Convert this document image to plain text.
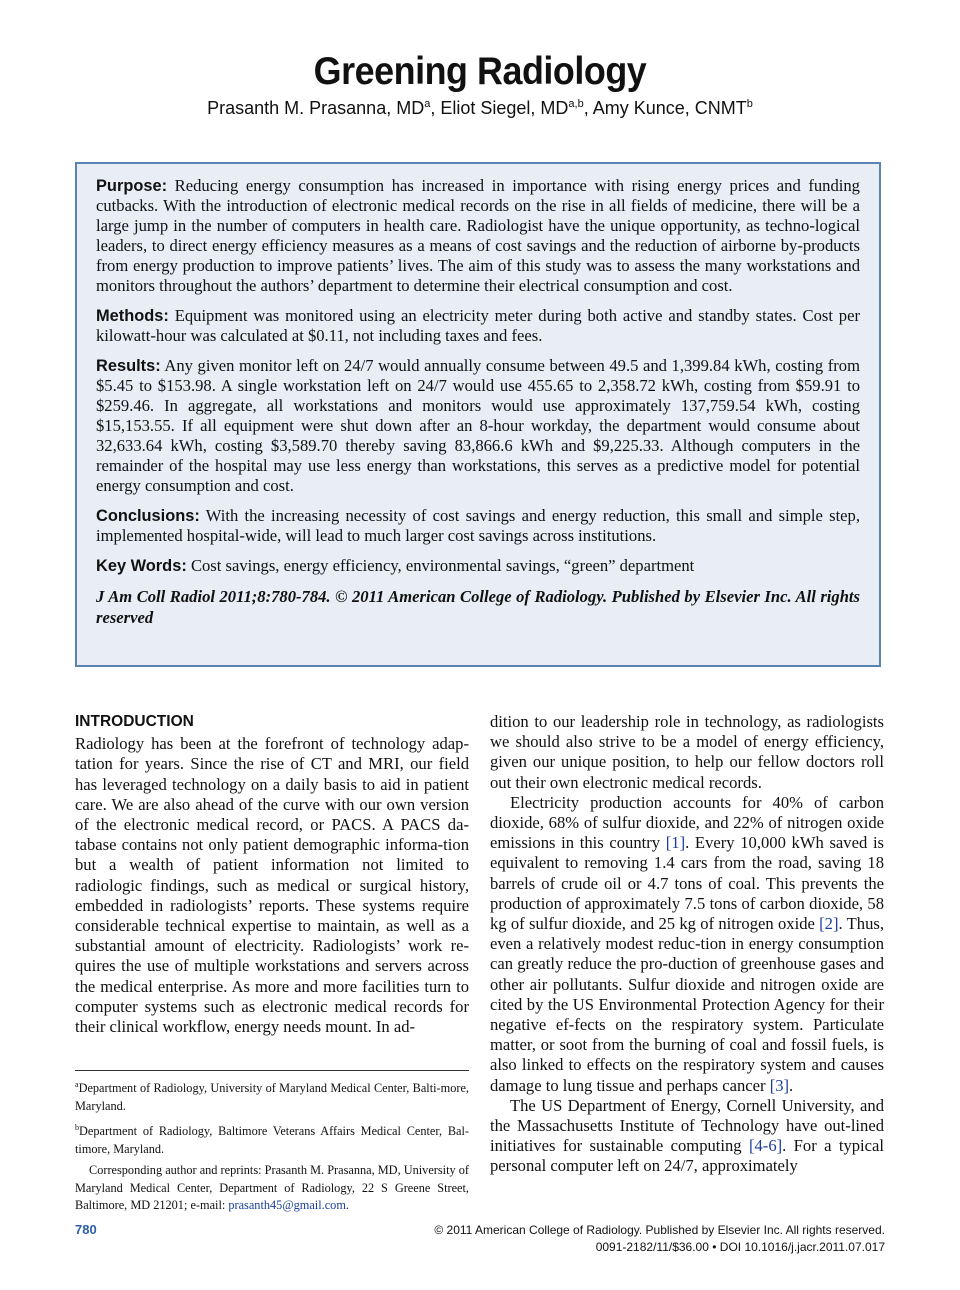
Greening Radiology
Prasanth M. Prasanna, $MD^a$, Eliot Siegel, MD$^{a,b}$, Amy Kunce, CNMT$^b$

Purpose: Reducing energy consumption has increased in importance with rising energy prices and funding cutbacks. With the introduction of electronic medical records on the rise in all fields of medicine, there will be a large jump in the number of computers in health care. Radiologist have the unique opportunity, as techno-logical leaders, to direct energy efficiency measures as a means of cost savings and the reduction of airborne by-products from energy production to improve patients’ lives. The aim of this study was to assess the many workstations and monitors throughout the authors’ department to determine their electrical consumption and cost.

Methods: Equipment was monitored using an electricity meter during both active and standby states. Cost per kilowatt-hour was calculated at $0.11, not including taxes and fees.

Results: Any given monitor left on 24/7 would annually consume between 49.5 and 1,399.84 kWh, costing from $5.45 to $153.98. A single workstation left on 24/7 would use 455.65 to 2,358.72 kWh, costing from $59.91 to $259.46. In aggregate, all workstations and monitors would use approximately 137,759.54 kWh, costing $15,153.55. If all equipment were shut down after an 8-hour workday, the department would consume about 32,633.64 kWh, costing $3,589.70 thereby saving 83,866.6 kWh and $9,225.33. Although computers in the remainder of the hospital may use less energy than workstations, this serves as a predictive model for potential energy consumption and cost.

Conclusions: With the increasing necessity of cost savings and energy reduction, this small and simple step, implemented hospital-wide, will lead to much larger cost savings across institutions.

Key Words: Cost savings, energy efficiency, environmental savings, “green” department

J Am Coll Radiol 2011;8:780-784. © 2011 American College of Radiology. Published by Elsevier Inc. All rights reserved
INTRODUCTION

Radiology has been at the forefront of technology adap-tation for years. Since the rise of CT and MRI, our field has leveraged technology on a daily basis to aid in patient care. We are also ahead of the curve with our own version of the electronic medical record, or PACS. A PACS da-tabase contains not only patient demographic informa-tion but a wealth of patient information not limited to radiologic findings, such as medical or surgical history, embedded in radiologists’ reports. These systems require considerable technical expertise to maintain, as well as a substantial amount of electricity. Radiologists’ work re-quires the use of multiple workstations and servers across the medical enterprise. As more and more facilities turn to computer systems such as electronic medical records for their clinical workflow, energy needs mount. In ad-

$^a$Department of Radiology, University of Maryland Medical Center, Balti-more, Maryland.

$^b$Department of Radiology, Baltimore Veterans Affairs Medical Center, Bal-timore, Maryland.

Corresponding author and reprints: Prasanth M. Prasanna, MD, University of Maryland Medical Center, Department of Radiology, 22 S Greene Street, Baltimore, MD 21201; e-mail: prasanth45@gmail.com.

dition to our leadership role in technology, as radiologists we should also strive to be a model of energy efficiency, given our unique position, to help our fellow doctors roll out their own electronic medical records.

Electricity production accounts for 40% of carbon dioxide, 68% of sulfur dioxide, and 22% of nitrogen oxide emissions in this country [1]. Every 10,000 kWh saved is equivalent to removing 1.4 cars from the road, saving 18 barrels of crude oil or 4.7 tons of coal. This prevents the production of approximately 7.5 tons of carbon dioxide, 58 kg of sulfur dioxide, and 25 kg of nitrogen oxide [2]. Thus, even a relatively modest reduc-tion in energy consumption can greatly reduce the pro-duction of greenhouse gases and other air pollutants. Sulfur dioxide and nitrogen oxide are cited by the US Environmental Protection Agency for their negative ef-fects on the respiratory system. Particulate matter, or soot from the burning of coal and fossil fuels, is also linked to effects on the respiratory system and causes damage to lung tissue and perhaps cancer [3].

The US Department of Energy, Cornell University, and the Massachusetts Institute of Technology have out-lined initiatives for sustainable computing [4-6]. For a typical personal computer left on 24/7, approximately

780	© 2011 American College of Radiology. Published by Elsevier Inc. All rights reserved.
0091-2182/11/$36.00 • DOI 10.1016/j.jacr.2011.07.017
